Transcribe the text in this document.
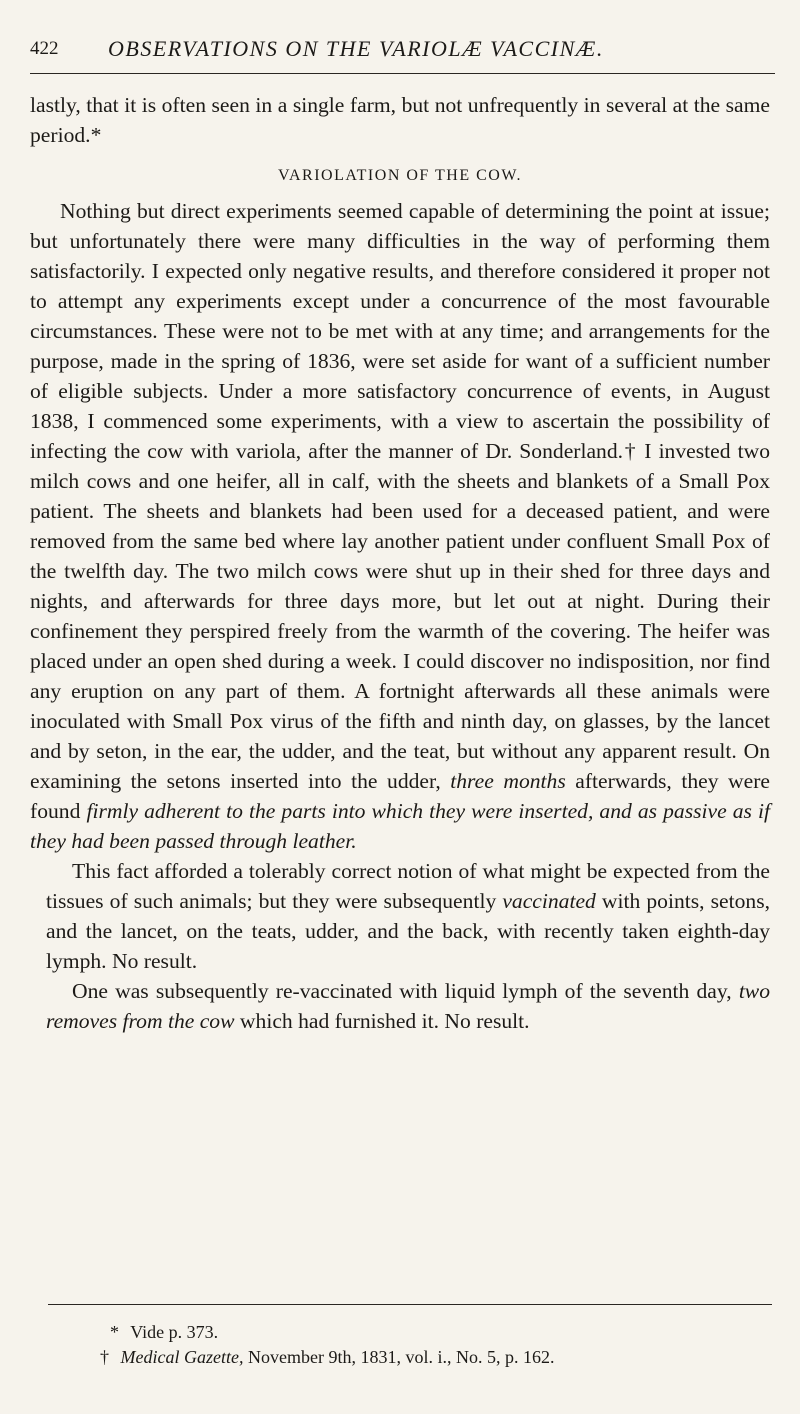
422 OBSERVATIONS ON THE VARIOLÆ VACCINÆ.

lastly, that it is often seen in a single farm, but not unfrequently in several at the same period.*

VARIOLATION OF THE COW.

Nothing but direct experiments seemed capable of determining the point at issue; but unfortunately there were many difficulties in the way of performing them satisfactorily. I expected only negative results, and therefore considered it proper not to attempt any experiments except under a concurrence of the most favourable circumstances. These were not to be met with at any time; and arrangements for the purpose, made in the spring of 1836, were set aside for want of a sufficient number of eligible subjects. Under a more satisfactory concurrence of events, in August 1838, I commenced some experiments, with a view to ascertain the possibility of infecting the cow with variola, after the manner of Dr. Sonderland.† I invested two milch cows and one heifer, all in calf, with the sheets and blankets of a Small Pox patient. The sheets and blankets had been used for a deceased patient, and were removed from the same bed where lay another patient under confluent Small Pox of the twelfth day. The two milch cows were shut up in their shed for three days and nights, and afterwards for three days more, but let out at night. During their confinement they perspired freely from the warmth of the covering. The heifer was placed under an open shed during a week. I could discover no indisposition, nor find any eruption on any part of them. A fortnight afterwards all these animals were inoculated with Small Pox virus of the fifth and ninth day, on glasses, by the lancet and by seton, in the ear, the udder, and the teat, but without any apparent result. On examining the setons inserted into the udder, three months afterwards, they were found firmly adherent to the parts into which they were inserted, and as passive as if they had been passed through leather.

This fact afforded a tolerably correct notion of what might be expected from the tissues of such animals; but they were subsequently vaccinated with points, setons, and the lancet, on the teats, udder, and the back, with recently taken eighth-day lymph. No result.

One was subsequently re-vaccinated with liquid lymph of the seventh day, two removes from the cow which had furnished it. No result.

* Vide p. 373.

† Medical Gazette, November 9th, 1831, vol. i., No. 5, p. 162.
